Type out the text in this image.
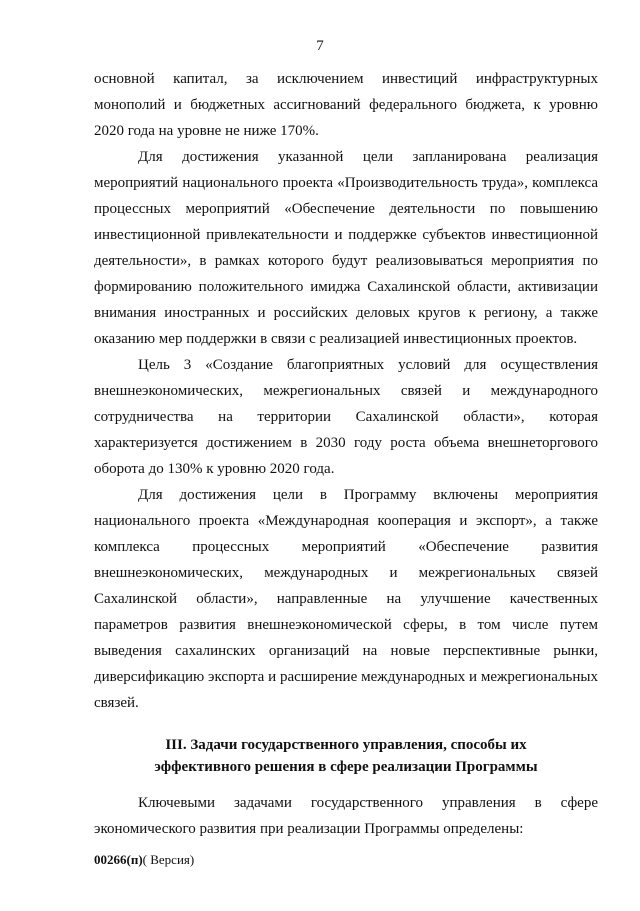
7

основной капитал, за исключением инвестиций инфраструктурных монополий и бюджетных ассигнований федерального бюджета, к уровню 2020 года на уровне не ниже 170%.

Для достижения указанной цели запланирована реализация мероприятий национального проекта «Производительность труда», комплекса процессных мероприятий «Обеспечение деятельности по повышению инвестиционной привлекательности и поддержке субъектов инвестиционной деятельности», в рамках которого будут реализовываться мероприятия по формированию положительного имиджа Сахалинской области, активизации внимания иностранных и российских деловых кругов к региону, а также оказанию мер поддержки в связи с реализацией инвестиционных проектов.

Цель 3 «Создание благоприятных условий для осуществления внешнеэкономических, межрегиональных связей и международного сотрудничества на территории Сахалинской области», которая характеризуется достижением в 2030 году роста объема внешнеторгового оборота до 130% к уровню 2020 года.

Для достижения цели в Программу включены мероприятия национального проекта «Международная кооперация и экспорт», а также комплекса процессных мероприятий «Обеспечение развития внешнеэкономических, международных и межрегиональных связей Сахалинской области», направленные на улучшение качественных параметров развития внешнеэкономической сферы, в том числе путем выведения сахалинских организаций на новые перспективные рынки, диверсификацию экспорта и расширение международных и межрегиональных связей.

III. Задачи государственного управления, способы их
эффективного решения в сфере реализации Программы

Ключевыми задачами государственного управления в сфере экономического развития при реализации Программы определены:

00266(п)( Версия)
